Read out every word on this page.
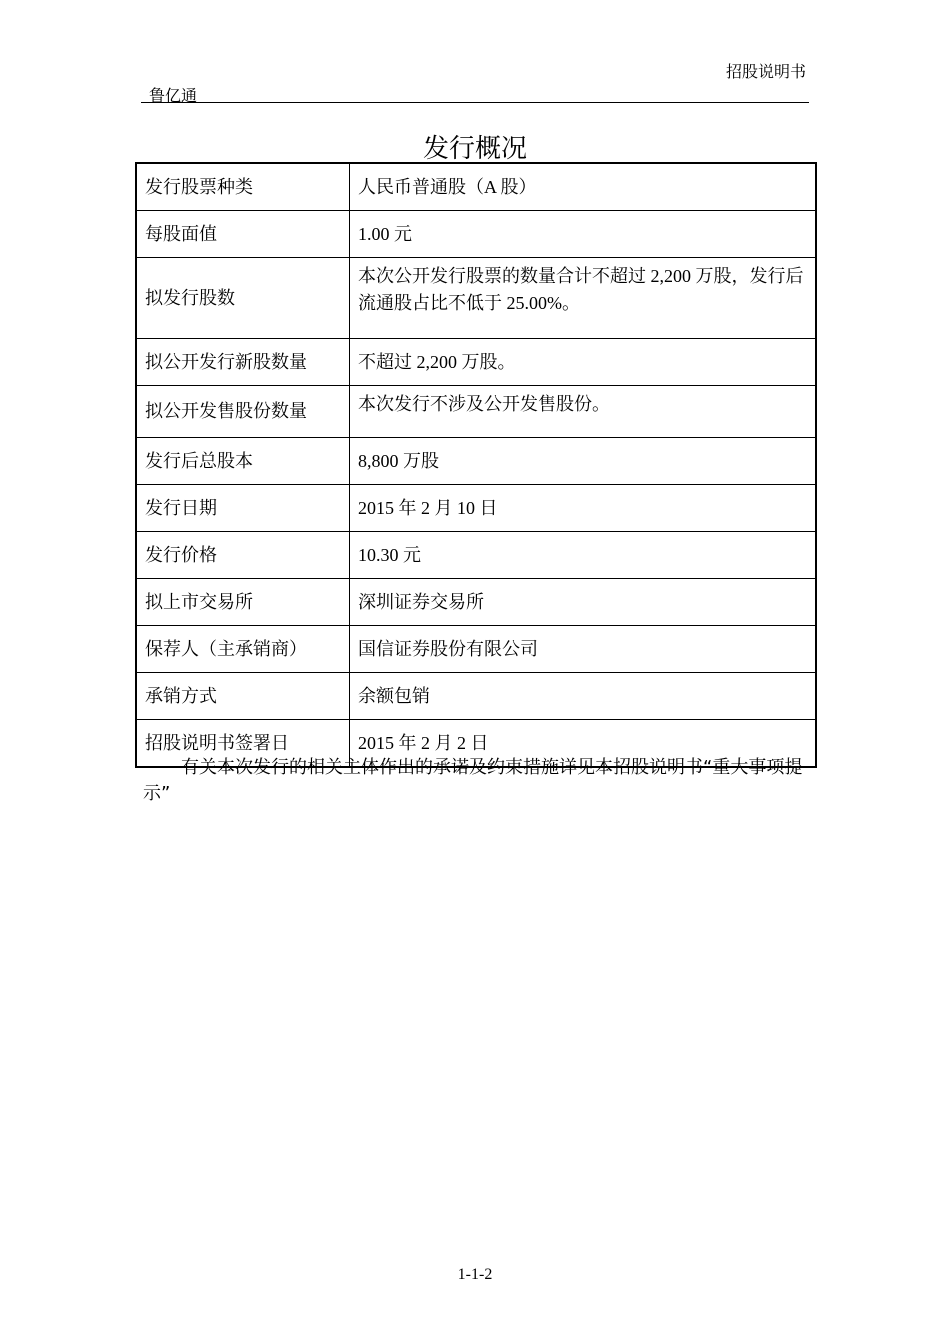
招股说明书
鲁亿通
发行概况
发行股票种类	人民币普通股（A 股）
每股面值	1.00 元
拟发行股数	本次公开发行股票的数量合计不超过 2,200 万股，发行后流通股占比不低于 25.00%。
拟公开发行新股数量	不超过 2,200 万股。
拟公开发售股份数量	本次发行不涉及公开发售股份。
发行后总股本	8,800 万股
发行日期	2015 年 2 月 10 日
发行价格	10.30 元
拟上市交易所	深圳证券交易所
保荐人（主承销商）	国信证券股份有限公司
承销方式	余额包销
招股说明书签署日	2015 年 2 月 2 日
有关本次发行的相关主体作出的承诺及约束措施详见本招股说明书“重大事项提示”
1-1-2
